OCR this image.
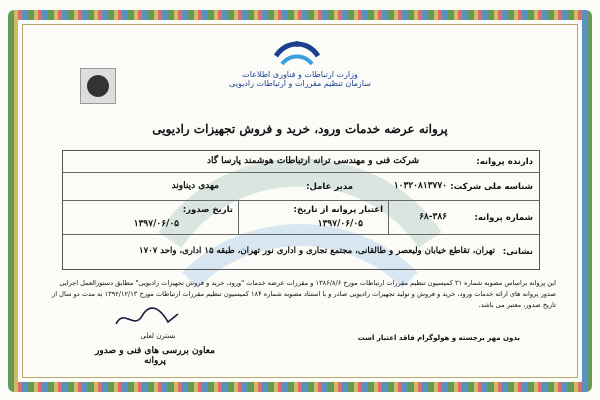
وزارت ارتباطات و فناوری اطلاعات
سازمان تنظیم مقررات و ارتباطات رادیویی
پروانه عرضه خدمات ورود، خرید و فروش تجهیزات رادیویی
دارنده پروانه:
شرکت فنی و مهندسی ترانه ارتباطات هوشمند پارسا گاد
شناسه ملی شرکت:
۱۰۳۲۰۸۱۳۷۷۰
مدیر عامل:
مهدی دیناوند
شماره پروانه:
۶۸-۳۸۶
اعتبار پروانه از تاریخ:
۱۳۹۷/۰۶/۰۵
تاریخ صدور:
۱۳۹۷/۰۶/۰۵
نشانی:
تهران، تقاطع خیابان ولیعصر و طالقانی، مجتمع تجاری و اداری نور تهران، طبقه ۱۵ اداری، واحد ۱۷۰۷
این پروانه براساس مصوبه شماره ۳۱ کمیسیون تنظیم مقررات ارتباطات مورخ ۱۳۸۶/۸/۶ و مقررات عرضه خدمات "ورود، خرید و فروش تجهیزات رادیویی" مطابق دستورالعمل اجرایی صدور پروانه های ارائه خدمات ورود، خرید و فروش و تولید تجهیزات رادیویی صادر و با استناد مصوبه شماره ۱۸۴ کمیسیون تنظیم مقررات ارتباطات مورخ ۱۳۹۲/۱۲/۱۳ به مدت دو سال از تاریخ صدور، معتبر می باشد.
نسترن لعلی
معاون بررسی های فنی و صدور پروانه
بدون مهر برجسته و هولوگرام فاقد اعتبار است
